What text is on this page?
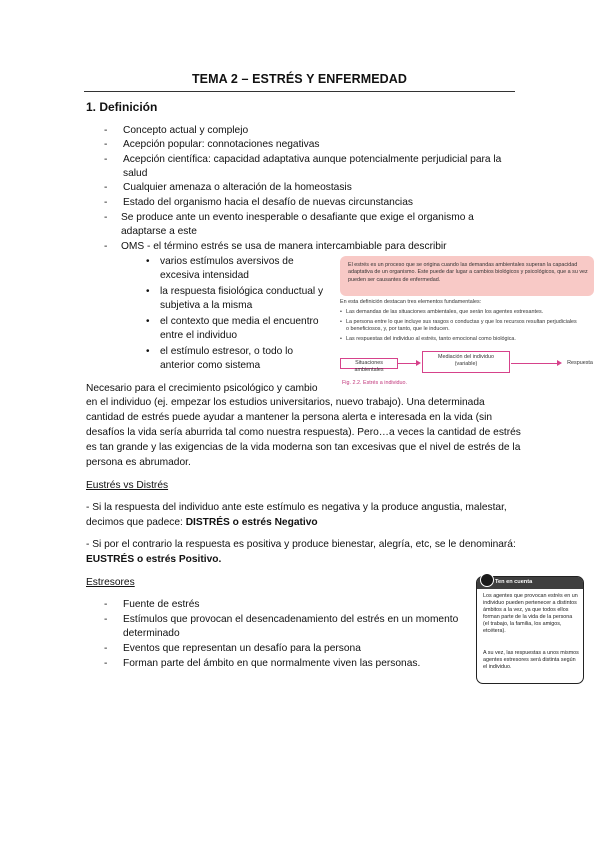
TEMA 2 – ESTRÉS Y ENFERMEDAD
1. Definición
- Concepto actual y complejo
- Acepción popular: connotaciones negativas
- Acepción científica: capacidad adaptativa aunque potencialmente perjudicial para la
salud
- Cualquier amenaza o alteración de la homeostasis
- Estado del organismo hacia el desafío de nuevas circunstancias
- Se produce ante un evento inesperable o desafiante que exige el organismo a
adaptarse a este
- OMS - el término estrés se usa de manera intercambiable para describir
• varios estímulos aversivos de
excesiva intensidad
• la respuesta fisiológica conductual y
subjetiva a la misma
• el contexto que media el encuentro
entre el individuo
• el estímulo estresor, o todo lo
anterior como sistema
Necesario para el crecimiento psicológico y cambio
en el individuo (ej. empezar los estudios universitarios, nuevo trabajo). Una determinada
cantidad de estrés puede ayudar a mantener la persona alerta e interesada en la vida (sin
desafíos la vida sería aburrida tal como nuestra respuesta). Pero…a veces la cantidad de estrés
es tan grande y las exigencias de la vida moderna son tan excesivas que el nivel de estrés de la
persona es abrumador.
Eustrés vs Distrés
- Si la respuesta del individuo ante este estímulo es negativa y la produce angustia, malestar,
decimos que padece: DISTRÉS o estrés Negativo
- Si por el contrario la respuesta es positiva y produce bienestar, alegría, etc, se le denominará:
EUSTRÉS o estrés Positivo.
Estresores
- Fuente de estrés
- Estímulos que provocan el desencadenamiento del estrés en un momento
determinado
- Eventos que representan un desafío para la persona
- Forman parte del ámbito en que normalmente viven las personas.
El estrés es un proceso que se origina cuando las demandas ambientales superan la capacidad adaptativa de un organismo. Este puede dar lugar a cambios biológicos y psicológicos, que a su vez pueden ser causantes de enfermedad.
En esta definición destacan tres elementos fundamentales:
• Las demandas de las situaciones ambientales, que serán los agentes estresantes.
• La persona entre lo que incluye sus rasgos o conductas y que los recursos resultan perjudiciales
o beneficiosos, y, por tanto, que le inducen.
• Las respuestas del individuo al estrés, tanto emocional como biológica.
Situaciones ambientales
Mediación del individuo
(variable)	Respuesta
Fig. 2.2. Estrés a individuo.
Ten en cuenta
Los agentes que provocan estrés en un individuo pueden pertenecer a distintos ámbitos a la vez, ya que todos ellos forman parte de la vida de la persona (el trabajo, la familia, los amigos, etcétera).
A su vez, las respuestas a unos mismos agentes estresores será distinta según el individuo.
